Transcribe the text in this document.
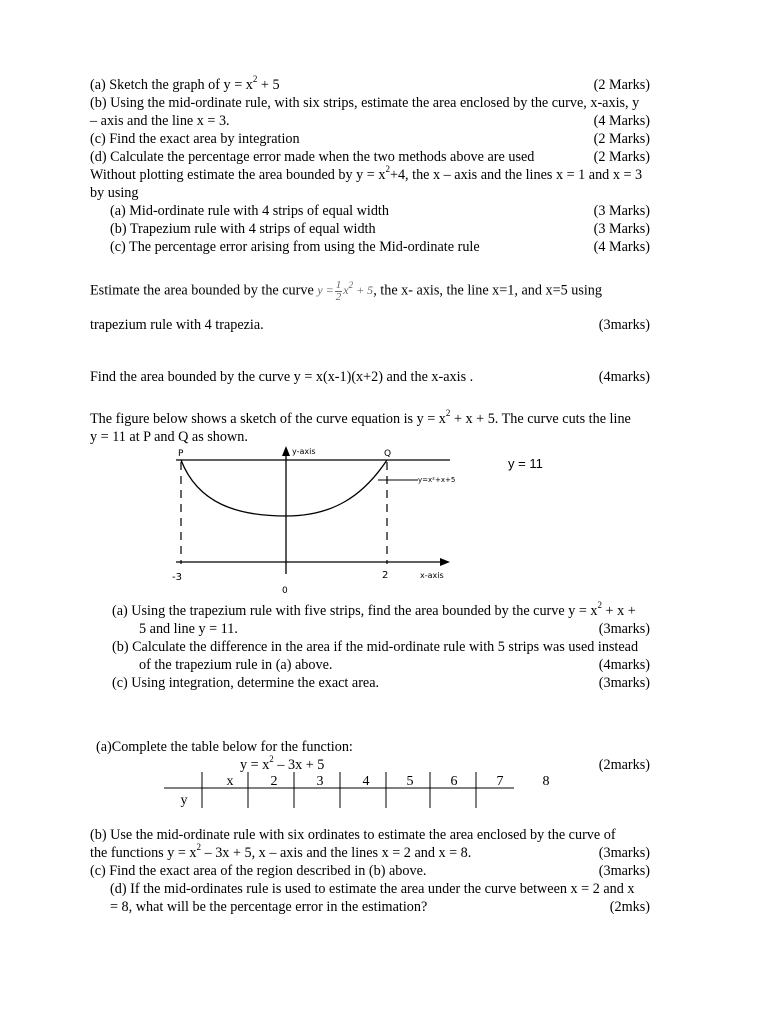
(a) Sketch the graph of $y = x^2 + 5$	(2 Marks)
(b) Using the mid-ordinate rule, with six strips, estimate the area enclosed by the curve, x-axis, y
– axis and the line x = 3.	(4 Marks)
(c) Find the exact area by integration	(2 Marks)
(d) Calculate the percentage error made when the two methods above are used	(2 Marks)
Without plotting estimate the area bounded by $y = x^2+4$, the x – axis and the lines x = 1 and x = 3
by using
(a) Mid-ordinate rule with 4 strips of equal width	(3 Marks)
(b) Trapezium rule with 4 strips of equal width	(3 Marks)
(c) The percentage error arising from using the Mid-ordinate rule	(4 Marks)
Estimate the area bounded by the curve $y = \frac{1}{2} x^2 + 5$, the x- axis, the line x=1, and x=5 using
trapezium rule with 4 trapezia.	(3marks)
Find the area bounded by the curve y = x(x-1)(x+2) and the x-axis .	(4marks)
The figure below shows a sketch of the curve equation is $y = x^2 + x + 5$. The curve cuts the line
y = 11 at P and Q as shown.
P	Q
y-axis
y=x²+x+5
x-axis
-3
0
2
y = 11
(a) Using the trapezium rule with five strips, find the area bounded by the curve $y = x^2 + x$ +
5 and line y = 11.	(3marks)
(b) Calculate the difference in the area if the mid-ordinate rule with 5 strips was used instead
of the trapezium rule in (a) above.	(4marks)
(c) Using integration, determine the exact area.	(3marks)
(a)Complete the table below for the function:
$y = x^2 - 3x + 5$	(2marks)
x	2	3	4	5	6	7	8
y
(b) Use the mid-ordinate rule with six ordinates to estimate the area enclosed by the curve of
the functions $y = x^2 - 3x + 5$, x – axis and the lines x = 2 and x = 8.	(3marks)
(c) Find the exact area of the region described in (b) above.	(3marks)
(d) If the mid-ordinates rule is used to estimate the area under the curve between x = 2 and x
= 8, what will be the percentage error in the estimation?	(2mks)
